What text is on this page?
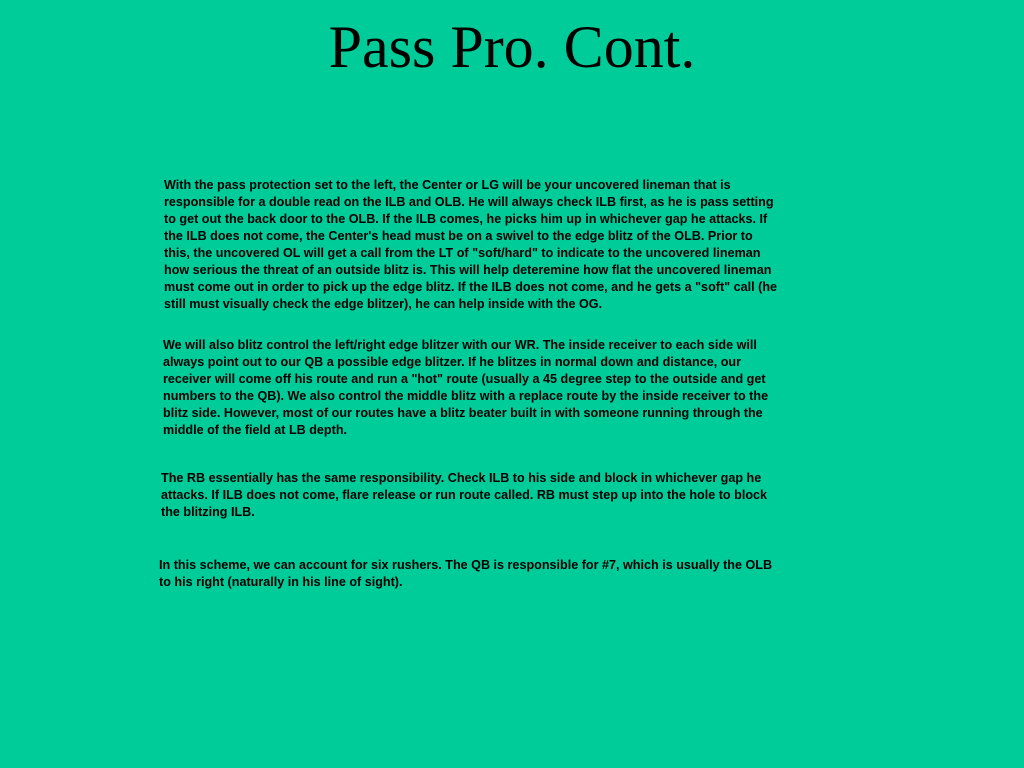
Pass Pro. Cont.

With the pass protection set to the left, the Center or LG will be your uncovered lineman that is
responsible for a double read on the ILB and OLB. He will always check ILB first, as he is pass setting
to get out the back door to the OLB. If the ILB comes, he picks him up in whichever gap he attacks. If
the ILB does not come, the Center's head must be on a swivel to the edge blitz of the OLB. Prior to
this, the uncovered OL will get a call from the LT of "soft/hard" to indicate to the uncovered lineman
how serious the threat of an outside blitz is. This will help deteremine how flat the uncovered lineman
must come out in order to pick up the edge blitz. If the ILB does not come, and he gets a "soft" call (he
still must visually check the edge blitzer), he can help inside with the OG.

We will also blitz control the left/right edge blitzer with our WR. The inside receiver to each side will
always point out to our QB a possible edge blitzer. If he blitzes in normal down and distance, our
receiver will come off his route and run a "hot" route (usually a 45 degree step to the outside and get
numbers to the QB). We also control the middle blitz with a replace route by the inside receiver to the
blitz side. However, most of our routes have a blitz beater built in with someone running through the
middle of the field at LB depth.

The RB essentially has the same responsibility. Check ILB to his side and block in whichever gap he
attacks. If ILB does not come, flare release or run route called. RB must step up into the hole to block
the blitzing ILB.

In this scheme, we can account for six rushers. The QB is responsible for #7, which is usually the OLB
to his right (naturally in his line of sight).
